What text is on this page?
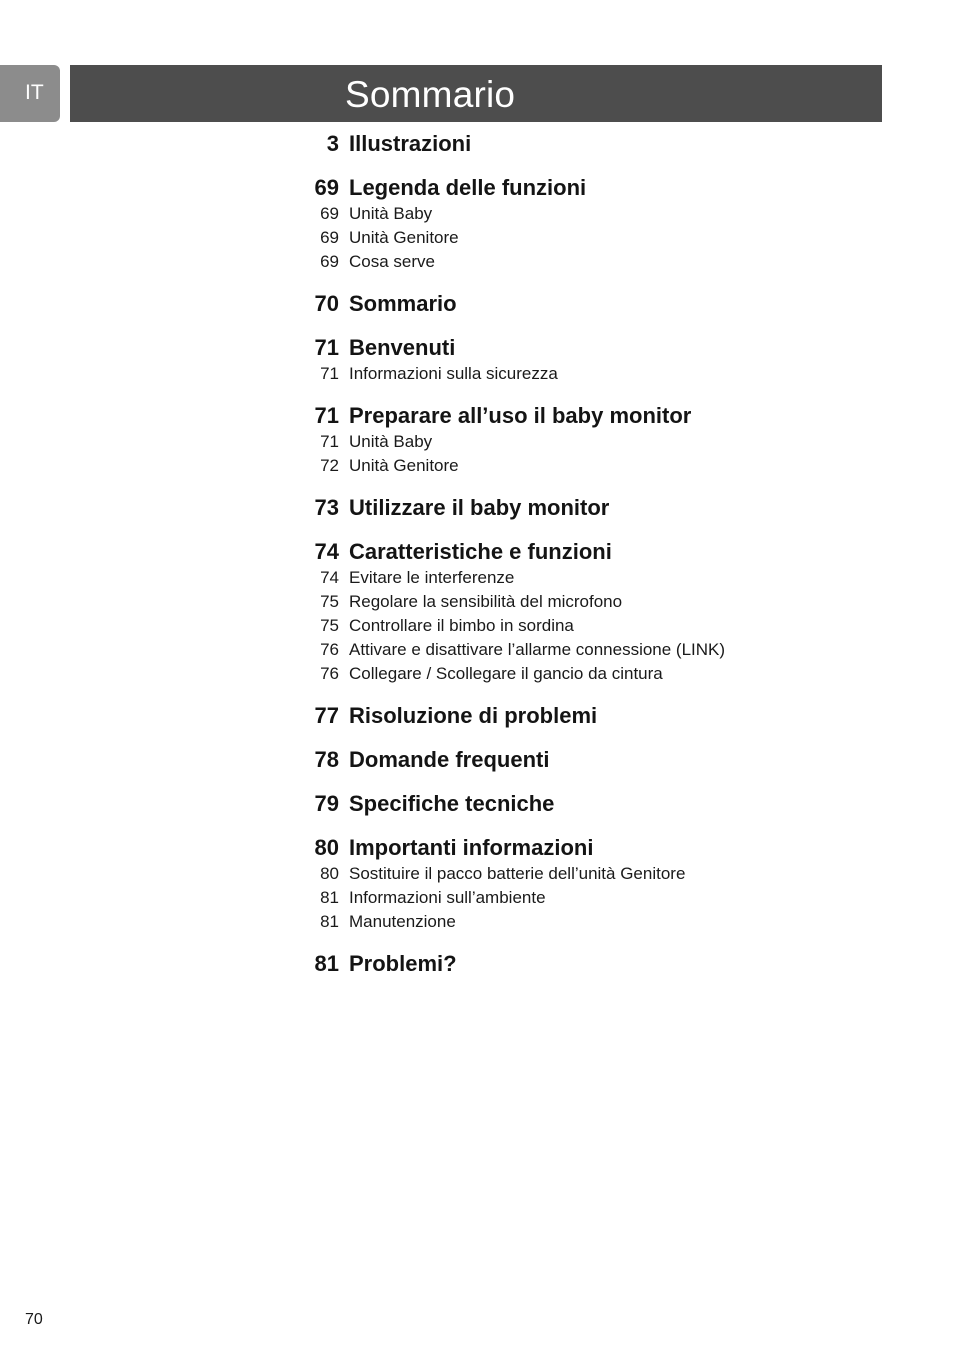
IT	Sommario
3 Illustrazioni
69 Legenda delle funzioni
69 Unità Baby
69 Unità Genitore
69 Cosa serve
70 Sommario
71 Benvenuti
71 Informazioni sulla sicurezza
71 Preparare all’uso il baby monitor
71 Unità Baby
72 Unità Genitore
73 Utilizzare il baby monitor
74 Caratteristiche e funzioni
74 Evitare le interferenze
75 Regolare la sensibilità del microfono
75 Controllare il bimbo in sordina
76 Attivare e disattivare l’allarme connessione (LINK)
76 Collegare / Scollegare il gancio da cintura
77 Risoluzione di problemi
78 Domande frequenti
79 Specifiche tecniche
80 Importanti informazioni
80 Sostituire il pacco batterie dell’unità Genitore
81 Informazioni sull’ambiente
81 Manutenzione
81 Problemi?
70
